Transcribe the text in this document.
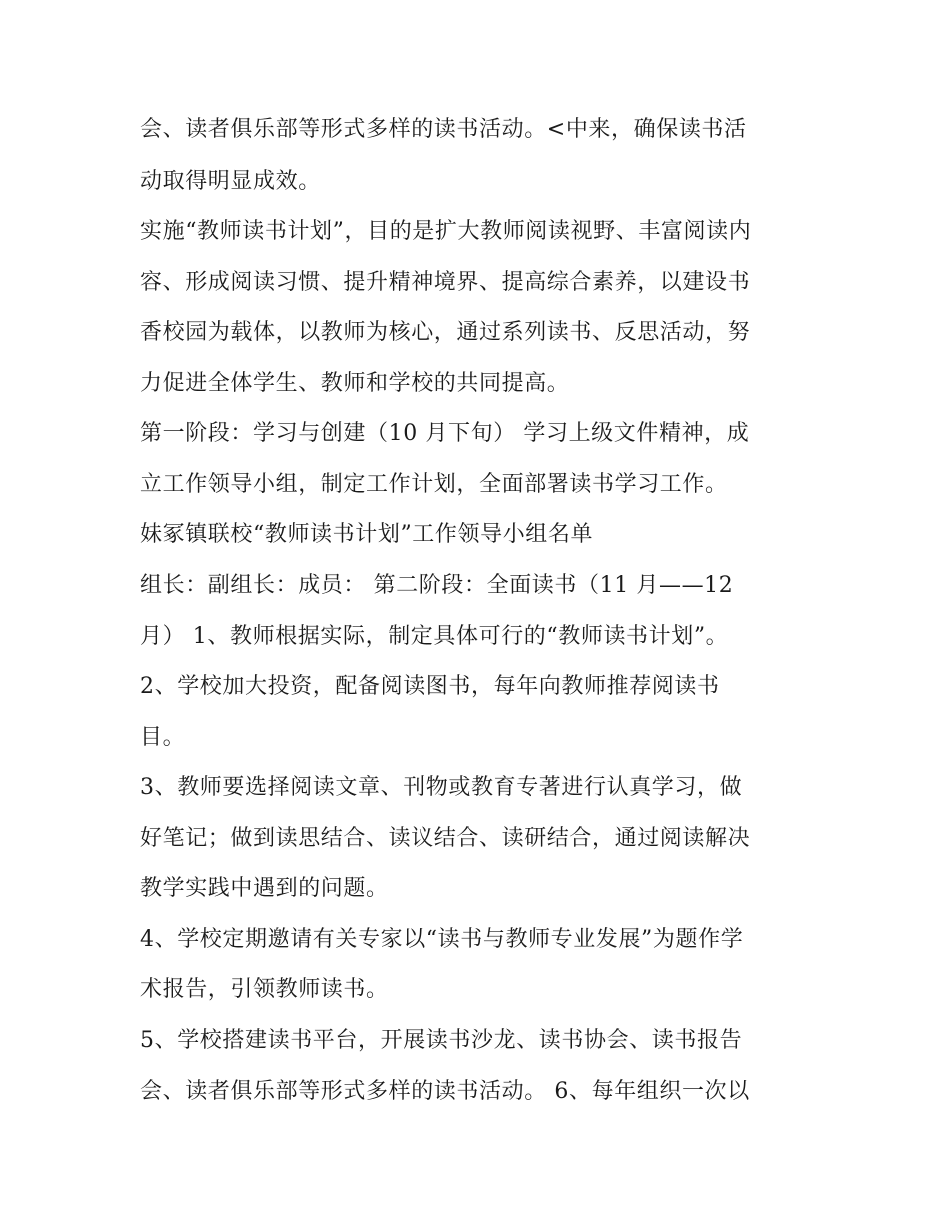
会、读者俱乐部等形式多样的读书活动。<中来，确保读书活
动取得明显成效。
实施“教师读书计划”，目的是扩大教师阅读视野、丰富阅读内
容、形成阅读习惯、提升精神境界、提高综合素养，以建设书
香校园为载体，以教师为核心，通过系列读书、反思活动，努
力促进全体学生、教师和学校的共同提高。
第一阶段：学习与创建（10 月下旬） 学习上级文件精神，成
立工作领导小组，制定工作计划，全面部署读书学习工作。
妹冢镇联校“教师读书计划”工作领导小组名单
组长：副组长：成员： 第二阶段：全面读书（11 月——12
月） 1、教师根据实际，制定具体可行的“教师读书计划”。
2、学校加大投资，配备阅读图书，每年向教师推荐阅读书
目。
3、教师要选择阅读文章、刊物或教育专著进行认真学习，做
好笔记；做到读思结合、读议结合、读研结合，通过阅读解决
教学实践中遇到的问题。
4、学校定期邀请有关专家以“读书与教师专业发展”为题作学
术报告，引领教师读书。
5、学校搭建读书平台，开展读书沙龙、读书协会、读书报告
会、读者俱乐部等形式多样的读书活动。 6、每年组织一次以
